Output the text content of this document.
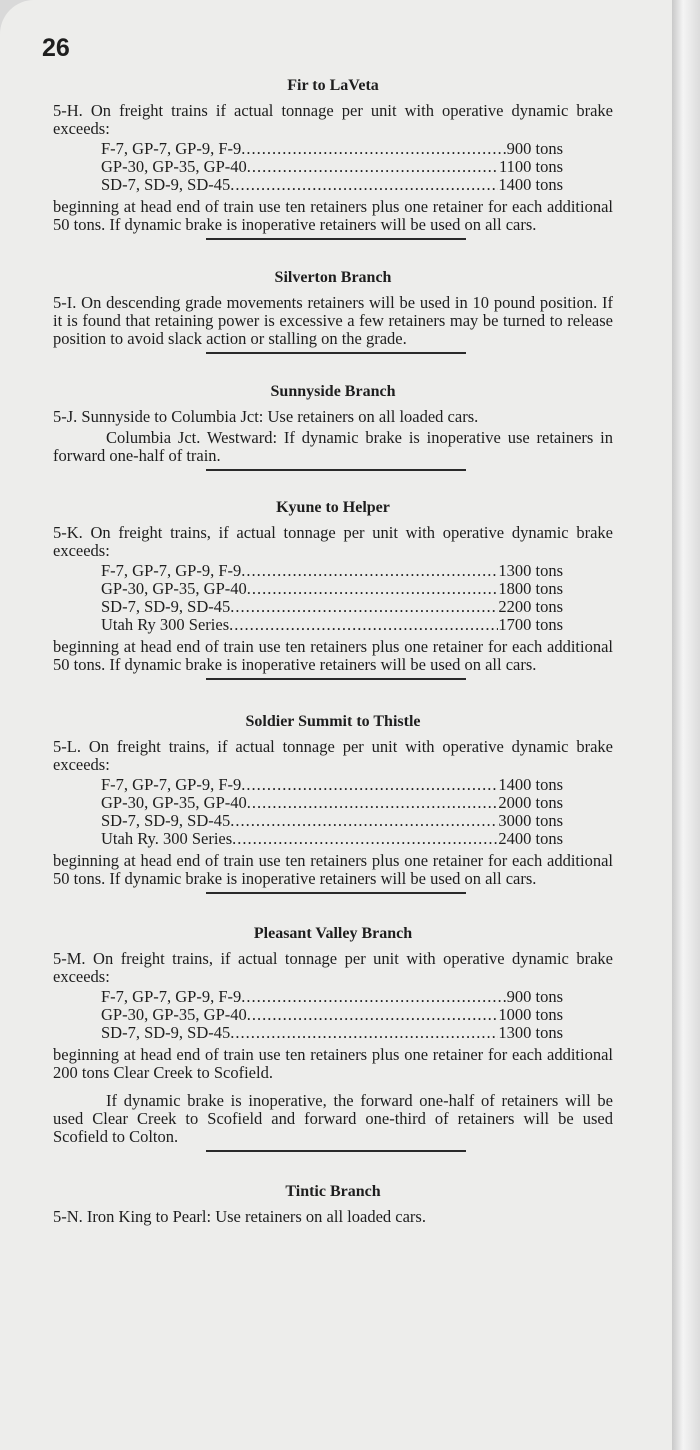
26

Fir to LaVeta

5-H. On freight trains if actual tonnage per unit with operative dynamic brake exceeds:

F-7, GP-7, GP-9, F-9 .....	900 tons
GP-30, GP-35, GP-40 .....	1100 tons
SD-7, SD-9, SD-45 .....	1400 tons

beginning at head end of train use ten retainers plus one retainer for each additional 50 tons. If dynamic brake is inoperative retainers will be used on all cars.

Silverton Branch

5-I. On descending grade movements retainers will be used in 10 pound position. If it is found that retaining power is excessive a few retainers may be turned to release position to avoid slack action or stalling on the grade.

Sunnyside Branch

5-J. Sunnyside to Columbia Jct: Use retainers on all loaded cars.

Columbia Jct. Westward: If dynamic brake is inoperative use retainers in forward one-half of train.

Kyune to Helper

5-K. On freight trains, if actual tonnage per unit with operative dynamic brake exceeds:

F-7, GP-7, GP-9, F-9 .....	1300 tons
GP-30, GP-35, GP-40 .....	1800 tons
SD-7, SD-9, SD-45 .....	2200 tons
Utah Ry 300 Series .....	1700 tons

beginning at head end of train use ten retainers plus one retainer for each additional 50 tons. If dynamic brake is inoperative retainers will be used on all cars.

Soldier Summit to Thistle

5-L. On freight trains, if actual tonnage per unit with operative dynamic brake exceeds:

F-7, GP-7, GP-9, F-9 .....	1400 tons
GP-30, GP-35, GP-40 .....	2000 tons
SD-7, SD-9, SD-45 .....	3000 tons
Utah Ry. 300 Series .....	2400 tons

beginning at head end of train use ten retainers plus one retainer for each additional 50 tons. If dynamic brake is inoperative retainers will be used on all cars.

Pleasant Valley Branch

5-M. On freight trains, if actual tonnage per unit with operative dynamic brake exceeds:

F-7, GP-7, GP-9, F-9 .....	900 tons
GP-30, GP-35, GP-40 .....	1000 tons
SD-7, SD-9, SD-45 .....	1300 tons

beginning at head end of train use ten retainers plus one retainer for each additional 200 tons Clear Creek to Scofield.

If dynamic brake is inoperative, the forward one-half of retainers will be used Clear Creek to Scofield and forward one-third of retainers will be used Scofield to Colton.

Tintic Branch

5-N. Iron King to Pearl: Use retainers on all loaded cars.
